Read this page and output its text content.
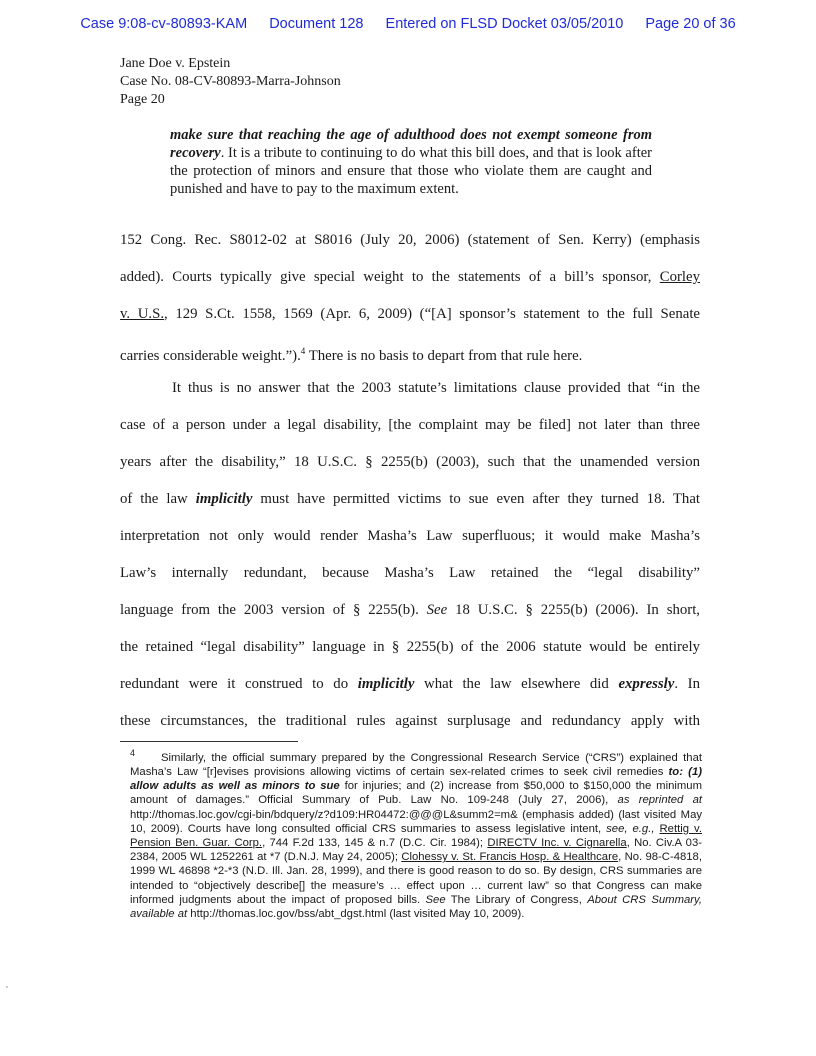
Case 9:08-cv-80893-KAM Document 128 Entered on FLSD Docket 03/05/2010 Page 20 of 36
Jane Doe v. Epstein
Case No. 08-CV-80893-Marra-Johnson
Page 20
make sure that reaching the age of adulthood does not exempt someone from recovery. It is a tribute to continuing to do what this bill does, and that is look after the protection of minors and ensure that those who violate them are caught and punished and have to pay to the maximum extent.
152 Cong. Rec. S8012-02 at S8016 (July 20, 2006) (statement of Sen. Kerry) (emphasis
added). Courts typically give special weight to the statements of a bill’s sponsor, Corley
v. U.S., 129 S.Ct. 1558, 1569 (Apr. 6, 2009) (“[A] sponsor’s statement to the full Senate
carries considerable weight.”).$^4$ There is no basis to depart from that rule here.
It thus is no answer that the 2003 statute’s limitations clause provided that “in the
case of a person under a legal disability, [the complaint may be filed] not later than three
years after the disability,” 18 U.S.C. § 2255(b) (2003), such that the unamended version
of the law implicitly must have permitted victims to sue even after they turned 18. That
interpretation not only would render Masha’s Law superfluous; it would make Masha’s
Law’s internally redundant, because Masha’s Law retained the “legal disability”
language from the 2003 version of § 2255(b). See 18 U.S.C. § 2255(b) (2006). In short,
the retained “legal disability” language in § 2255(b) of the 2006 statute would be entirely
redundant were it construed to do implicitly what the law elsewhere did expressly. In
these circumstances, the traditional rules against surplusage and redundancy apply with
$^4$ Similarly, the official summary prepared by the Congressional Research Service (“CRS”) explained that Masha’s Law “[r]evises provisions allowing victims of certain sex-related crimes to seek civil remedies to: (1) allow adults as well as minors to sue for injuries; and (2) increase from $50,000 to $150,000 the minimum amount of damages.” Official Summary of Pub. Law No. 109-248 (July 27, 2006), as reprinted at http://thomas.loc.gov/cgi-bin/bdquery/z?d109:HR04472:@@@L&summ2=m& (emphasis added) (last visited May 10, 2009). Courts have long consulted official CRS summaries to assess legislative intent, see, e.g., Rettig v. Pension Ben. Guar. Corp., 744 F.2d 133, 145 & n.7 (D.C. Cir. 1984); DIRECTV Inc. v. Cignarella, No. Civ.A 03-2384, 2005 WL 1252261 at *7 (D.N.J. May 24, 2005); Clohessy v. St. Francis Hosp. & Healthcare, No. 98-C-4818, 1999 WL 46898 *2-*3 (N.D. Ill. Jan. 28, 1999), and there is good reason to do so. By design, CRS summaries are intended to “objectively describe[] the measure’s … effect upon … current law” so that Congress can make informed judgments about the impact of proposed bills. See The Library of Congress, About CRS Summary, available at http://thomas.loc.gov/bss/abt_dgst.html (last visited May 10, 2009).
